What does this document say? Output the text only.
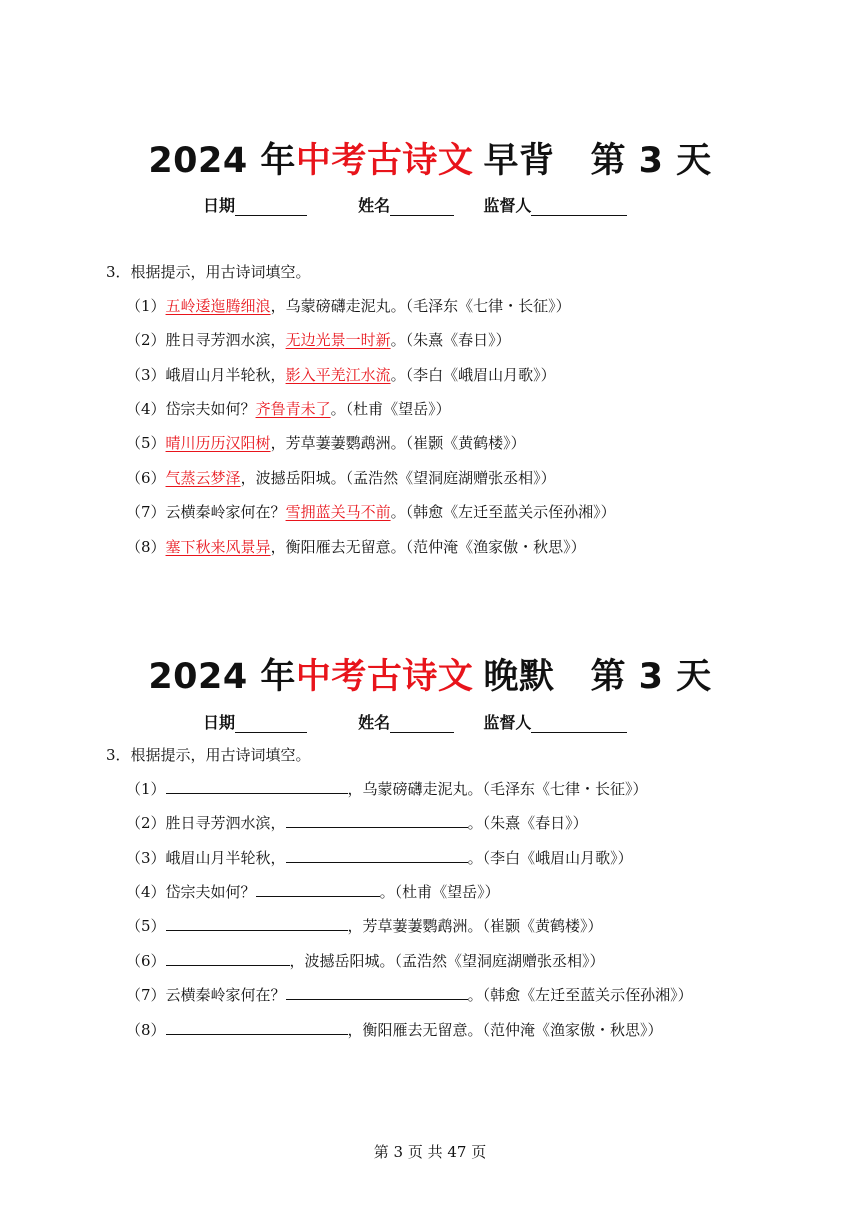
2024 年中考古诗文 早背 第 3 天
日期	姓名	监督人
3．根据提示，用古诗词填空。
（1）五岭逶迤腾细浪，乌蒙磅礴走泥丸。（毛泽东《七律・长征》）
（2）胜日寻芳泗水滨，无边光景一时新。（朱熹《春日》）
（3）峨眉山月半轮秋，影入平羌江水流。（李白《峨眉山月歌》）
（4）岱宗夫如何？齐鲁青未了。（杜甫《望岳》）
（5）晴川历历汉阳树，芳草萋萋鹦鹉洲。（崔颢《黄鹤楼》）
（6）气蒸云梦泽，波撼岳阳城。（孟浩然《望洞庭湖赠张丞相》）
（7）云横秦岭家何在？雪拥蓝关马不前。（韩愈《左迁至蓝关示侄孙湘》）
（8）塞下秋来风景异，衡阳雁去无留意。（范仲淹《渔家傲・秋思》）
2024 年中考古诗文 晚默 第 3 天
日期	姓名	监督人
3．根据提示，用古诗词填空。
（1）	，乌蒙磅礴走泥丸。（毛泽东《七律・长征》）
（2）胜日寻芳泗水滨，	。（朱熹《春日》）
（3）峨眉山月半轮秋，	。（李白《峨眉山月歌》）
（4）岱宗夫如何？	。（杜甫《望岳》）
（5）	，芳草萋萋鹦鹉洲。（崔颢《黄鹤楼》）
（6）	，波撼岳阳城。（孟浩然《望洞庭湖赠张丞相》）
（7）云横秦岭家何在？	。（韩愈《左迁至蓝关示侄孙湘》）
（8）	，衡阳雁去无留意。（范仲淹《渔家傲・秋思》）
第 3 页 共 47 页
